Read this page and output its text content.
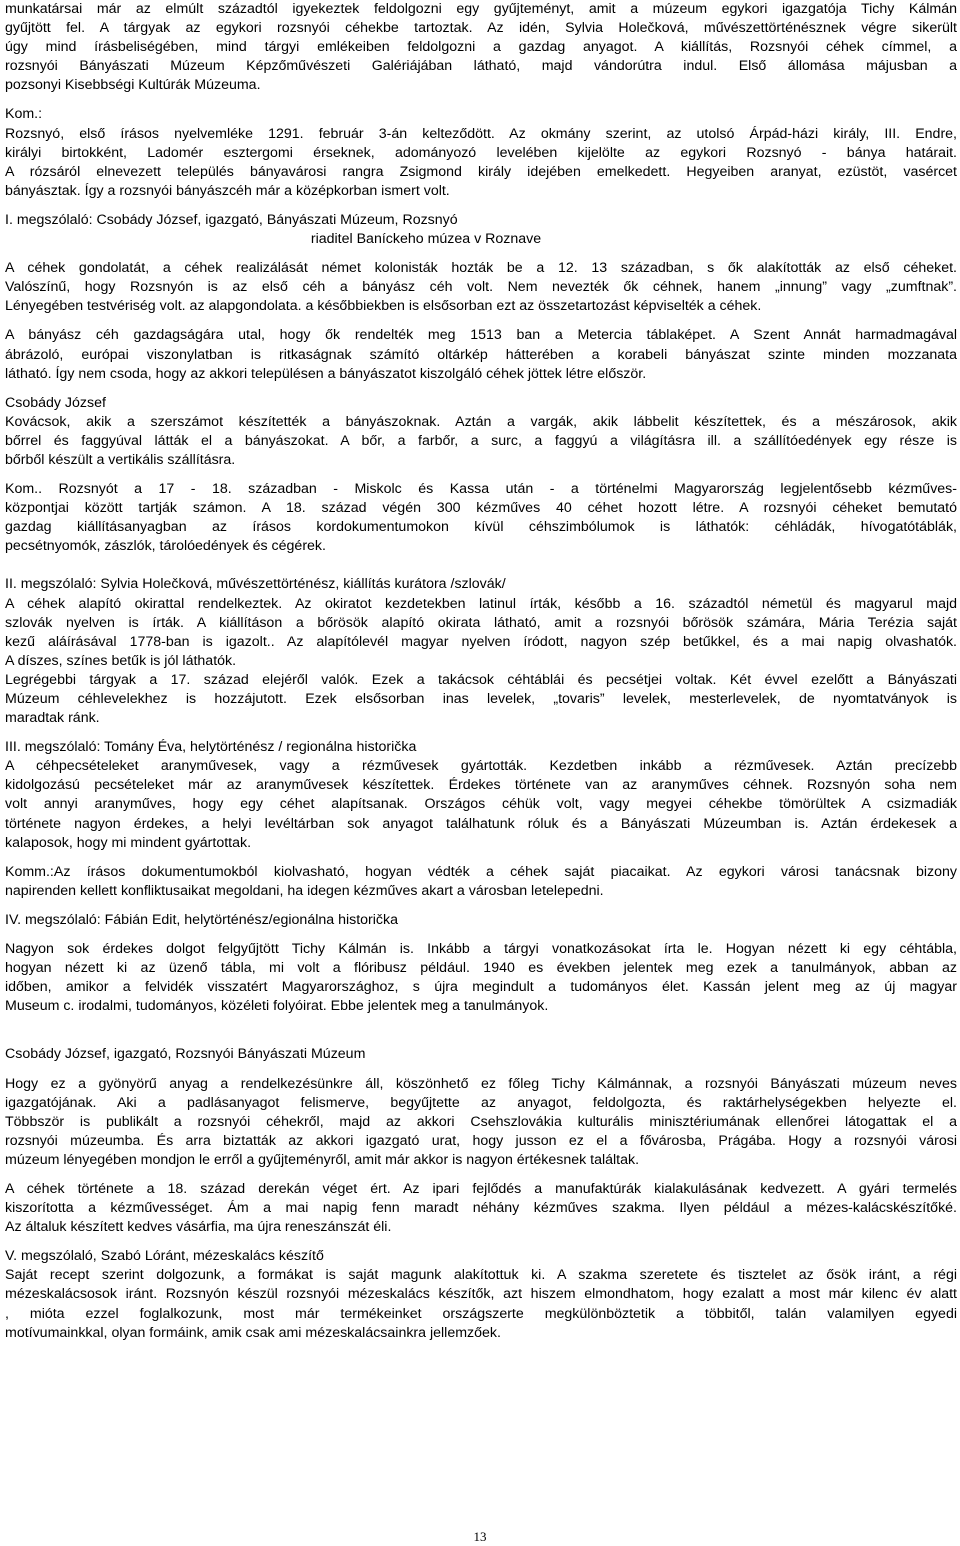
munkatársai már az elmúlt századtól igyekeztek feldolgozni egy gyűjteményt, amit a múzeum egykori igazgatója Tichy Kálmán
gyűjtött fel. A tárgyak az egykori rozsnyói céhekbe tartoztak. Az idén, Sylvia Holečková, művészettörténésznek végre sikerült
úgy mind írásbeliségében, mind tárgyi emlékeiben feldolgozni a gazdag anyagot. A kiállítás, Rozsnyói céhek címmel, a
rozsnyói Bányászati Múzeum Képzőművészeti Galériájában látható, majd vándorútra indul. Első állomása májusban a
pozsonyi Kisebbségi Kultúrák Múzeuma.
Kom.:
Rozsnyó, első írásos nyelvemléke 1291. február 3-án kelteződött. Az okmány szerint, az utolsó Árpád-házi király, III. Endre,
királyi birtokként, Ladomér esztergomi érseknek, adományozó levelében kijelölte az egykori Rozsnyó - bánya határait.
A rózsáról elnevezett település bányavárosi rangra Zsigmond király idejében emelkedett. Hegyeiben aranyat, ezüstöt, vasércet
bányásztak. Így a rozsnyói bányászcéh már a középkorban ismert volt.
I. megszólaló: Csobády József, igazgató, Bányászati Múzeum, Rozsnyó
riaditel Baníckeho múzea v Roznave
A céhek gondolatát, a céhek realizálását német kolonisták hozták be a 12. 13 században, s ők alakították az első céheket.
Valószínű, hogy Rozsnyón is az első céh a bányász céh volt. Nem nevezték ők céhnek, hanem „innung” vagy „zumftnak”.
Lényegében testvériség volt. az alapgondolata. a későbbiekben is elsősorban ezt az összetartozást képviselték a céhek.
A bányász céh gazdagságára utal, hogy ők rendelték meg 1513 ban a Metercia táblaképet. A Szent Annát harmadmagával
ábrázoló, európai viszonylatban is ritkaságnak számító oltárkép hátterében a korabeli bányászat szinte minden mozzanata
látható. Így nem csoda, hogy az akkori településen a bányászatot kiszolgáló céhek jöttek létre először.
Csobády József
Kovácsok, akik a szerszámot készítették a bányászoknak. Aztán a vargák, akik lábbelit készítettek, és a mészárosok, akik
bőrrel és faggyúval látták el a bányászokat. A bőr, a farbőr, a surc, a faggyú a világításra ill. a szállítóedények egy része is
bőrből készült a vertikális szállításra.
Kom.. Rozsnyót a 17 - 18. században - Miskolc és Kassa után - a történelmi Magyarország legjelentősebb kézműves-
központjai között tartják számon. A 18. század végén 300 kézműves 40 céhet hozott létre. A rozsnyói céheket bemutató
gazdag kiállításanyagban az írásos kordokumentumokon kívül céhszimbólumok is láthatók: céhládák, hívogatótáblák,
pecsétnyomók, zászlók, tárolóedények és cégérek.
II. megszólaló: Sylvia Holečková, művészettörténész, kiállítás kurátora /szlovák/
A céhek alapító okirattal rendelkeztek. Az okiratot kezdetekben latinul írták, később a 16. századtól németül és magyarul majd
szlovák nyelven is írták. A kiállításon a bőrösök alapító okirata látható, amit a rozsnyói bőrösök számára, Mária Terézia saját
kezű aláírásával 1778-ban is igazolt.. Az alapítólevél magyar nyelven íródott, nagyon szép betűkkel, és a mai napig olvashatók.
A díszes, színes betűk is jól láthatók.
Legrégebbi tárgyak a 17. század elejéről valók. Ezek a takácsok céhtáblái és pecsétjei voltak. Két évvel ezelőtt a Bányászati
Múzeum céhlevelekhez is hozzájutott. Ezek elsősorban inas levelek, „tovaris” levelek, mesterlevelek, de nyomtatványok is
maradtak ránk.
III. megszólaló: Tomány Éva, helytörténész / regionálna historička
A céhpecsételeket aranyművesek, vagy a rézművesek gyártották. Kezdetben inkább a rézművesek. Aztán precízebb
kidolgozású pecsételeket már az aranyművesek készítettek. Érdekes története van az aranyműves céhnek. Rozsnyón soha nem
volt annyi aranyműves, hogy egy céhet alapítsanak. Országos céhük volt, vagy megyei céhekbe tömörültek A csizmadiák
története nagyon érdekes, a helyi levéltárban sok anyagot találhatunk róluk és a Bányászati Múzeumban is. Aztán érdekesek a
kalaposok, hogy mi mindent gyártottak.
Komm.:Az írásos dokumentumokból kiolvasható, hogyan védték a céhek saját piacaikat. Az egykori városi tanácsnak bizony
napirenden kellett konfliktusaikat megoldani, ha idegen kézműves akart a városban letelepedni.
IV. megszólaló: Fábián Edit, helytörténész/egionálna historička
Nagyon sok érdekes dolgot felgyűjtött Tichy Kálmán is. Inkább a tárgyi vonatkozásokat írta le. Hogyan nézett ki egy céhtábla,
hogyan nézett ki az üzenő tábla, mi volt a flóribusz például. 1940 es években jelentek meg ezek a tanulmányok, abban az
időben, amikor a felvidék visszatért Magyarországhoz, s újra megindult a tudományos élet. Kassán jelent meg az új magyar
Museum c. irodalmi, tudományos, közéleti folyóirat. Ebbe jelentek meg a tanulmányok.
Csobády József, igazgató, Rozsnyói Bányászati Múzeum
Hogy ez a gyönyörű anyag a rendelkezésünkre áll, köszönhető ez főleg Tichy Kálmánnak, a rozsnyói Bányászati múzeum neves
igazgatójának. Aki a padlásanyagot felismerve, begyűjtette az anyagot, feldolgozta, és raktárhelységekben helyezte el.
Többször is publikált a rozsnyói céhekről, majd az akkori Csehszlovákia kulturális minisztériumának ellenőrei látogattak el a
rozsnyói múzeumba. És arra biztatták az akkori igazgató urat, hogy jusson ez el a fővárosba, Prágába. Hogy a rozsnyói városi
múzeum lényegében mondjon le erről a gyűjteményről, amit már akkor is nagyon értékesnek találtak.
A céhek története a 18. század derekán véget ért. Az ipari fejlődés a manufaktúrák kialakulásának kedvezett. A gyári termelés
kiszorította a kézművességet. Ám a mai napig fenn maradt néhány kézműves szakma. Ilyen például a mézes-kalácskészítőké.
Az általuk készített kedves vásárfia, ma újra reneszánszát éli.
V. megszólaló, Szabó Lóránt, mézeskalács készítő
Saját recept szerint dolgozunk, a formákat is saját magunk alakítottuk ki. A szakma szeretete és tisztelet az ősök iránt, a régi
mézeskalácsosok iránt. Rozsnyón készül rozsnyói mézeskalács készítők, azt hiszem elmondhatom, hogy ezalatt a most már kilenc év alatt
, mióta ezzel foglalkozunk, most már termékeinket országszerte megkülönböztetik a többitől, talán valamilyen egyedi
motívumainkkal, olyan formáink, amik csak ami mézeskalácsainkra jellemzőek.
13
